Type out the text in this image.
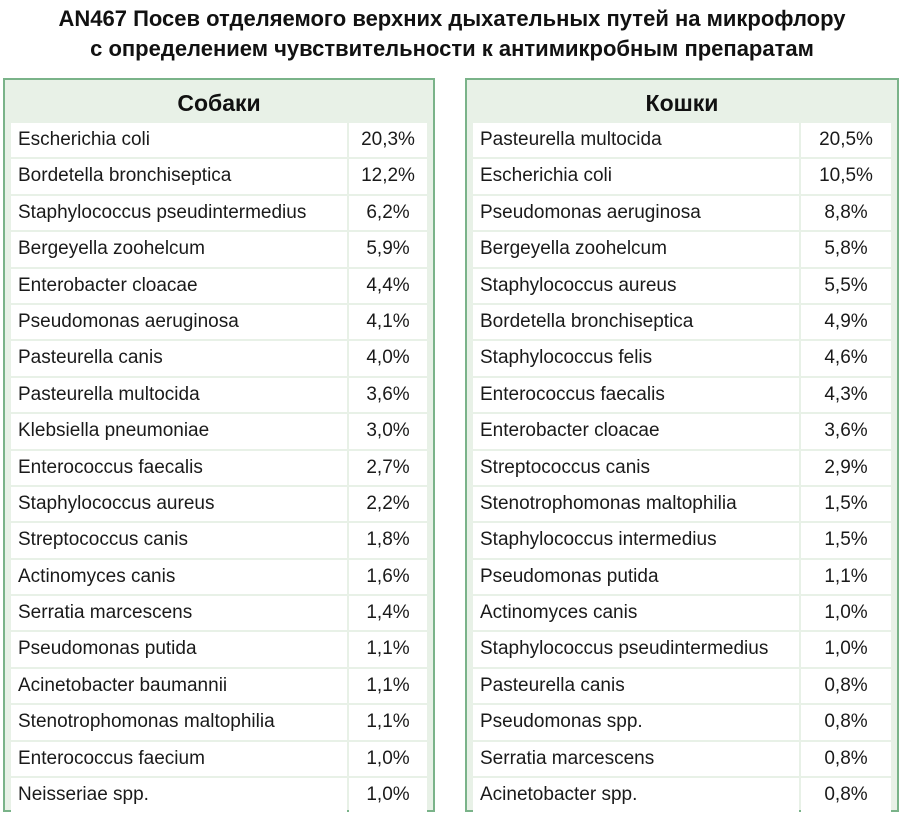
AN467 Посев отделяемого верхних дыхательных путей на микрофлору
с определением чувствительности к антимикробным препаратам
Собаки
Escherichia coli	20,3%
Bordetella bronchiseptica	12,2%
Staphylococcus pseudintermedius	6,2%
Bergeyella zoohelcum	5,9%
Enterobacter cloacae	4,4%
Pseudomonas aeruginosa	4,1%
Pasteurella canis	4,0%
Pasteurella multocida	3,6%
Klebsiella pneumoniae	3,0%
Enterococcus faecalis	2,7%
Staphylococcus aureus	2,2%
Streptococcus canis	1,8%
Actinomyces canis	1,6%
Serratia marcescens	1,4%
Pseudomonas putida	1,1%
Acinetobacter baumannii	1,1%
Stenotrophomonas maltophilia	1,1%
Enterococcus faecium	1,0%
Neisseriae spp.	1,0%
Кошки
Pasteurella multocida	20,5%
Escherichia coli	10,5%
Pseudomonas aeruginosa	8,8%
Bergeyella zoohelcum	5,8%
Staphylococcus aureus	5,5%
Bordetella bronchiseptica	4,9%
Staphylococcus felis	4,6%
Enterococcus faecalis	4,3%
Enterobacter cloacae	3,6%
Streptococcus canis	2,9%
Stenotrophomonas maltophilia	1,5%
Staphylococcus intermedius	1,5%
Pseudomonas putida	1,1%
Actinomyces canis	1,0%
Staphylococcus pseudintermedius	1,0%
Pasteurella canis	0,8%
Pseudomonas spp.	0,8%
Serratia marcescens	0,8%
Acinetobacter spp.	0,8%
